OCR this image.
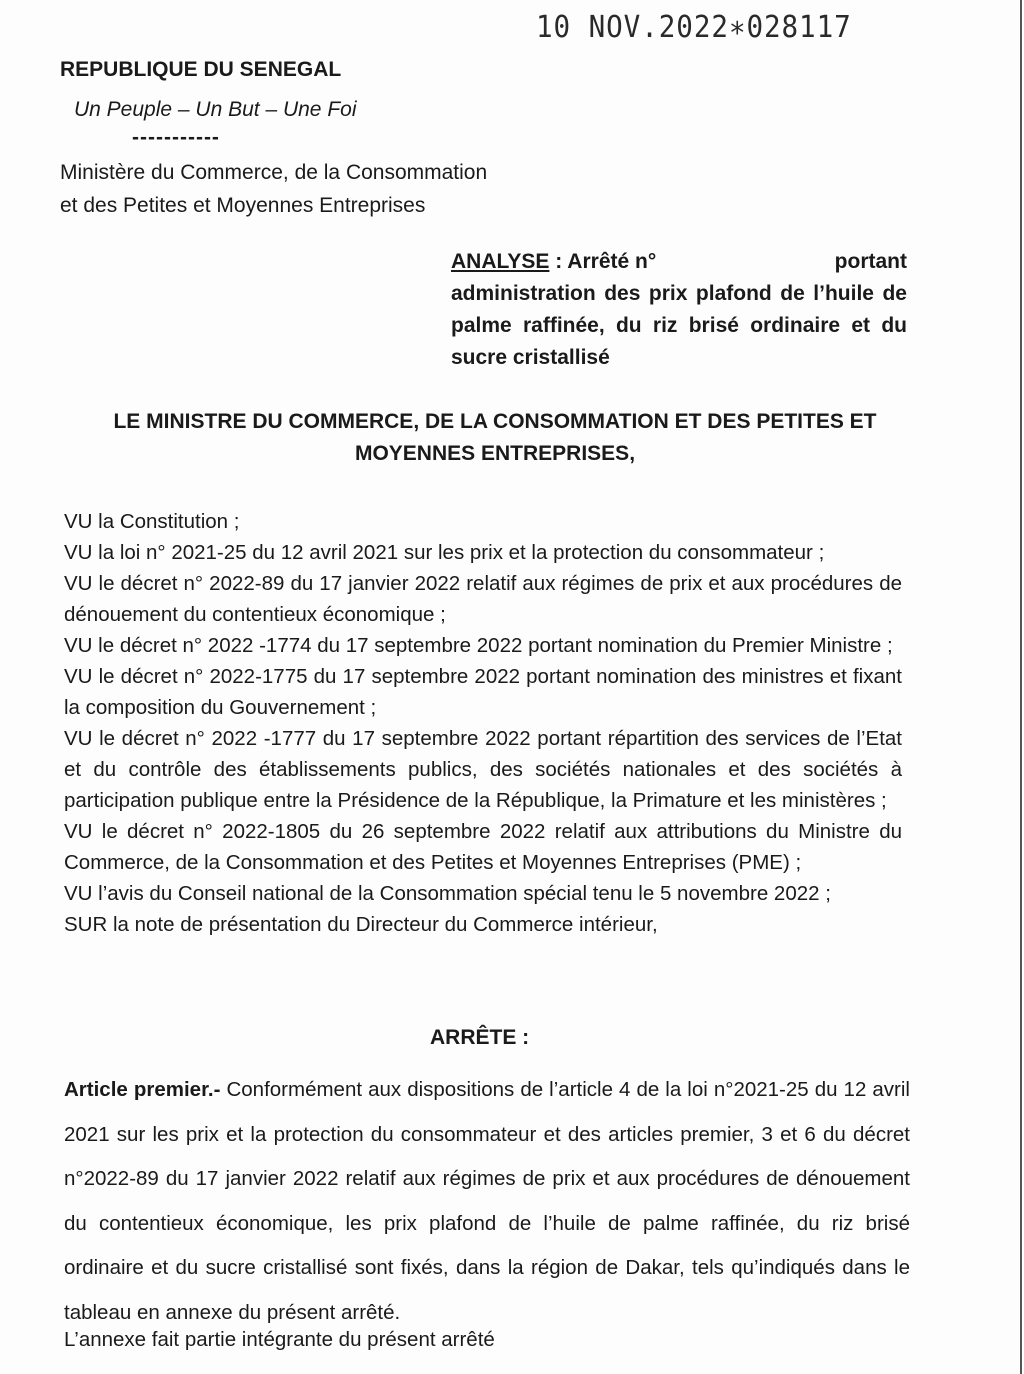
10 NOV.2022∗028117
REPUBLIQUE DU SENEGAL
Un Peuple – Un But – Une Foi
-----------
Ministère du Commerce, de la Consommation
et des Petites et Moyennes Entreprises
ANALYSE : Arrêté n°	portant
administration des prix plafond de l’huile de palme raffinée, du riz brisé ordinaire et du sucre cristallisé
LE MINISTRE DU COMMERCE, DE LA CONSOMMATION ET DES PETITES ET MOYENNES ENTREPRISES,

VU la Constitution ;

VU la loi n° 2021-25 du 12 avril 2021 sur les prix et la protection du consommateur ;

VU le décret n° 2022-89 du 17 janvier 2022 relatif aux régimes de prix et aux procédures de dénouement du contentieux économique ;

VU le décret n° 2022 -1774 du 17 septembre 2022 portant nomination du Premier Ministre ;

VU le décret n° 2022-1775 du 17 septembre 2022 portant nomination des ministres et fixant la composition du Gouvernement ;

VU le décret n° 2022 -1777 du 17 septembre 2022 portant répartition des services de l’Etat et du contrôle des établissements publics, des sociétés nationales et des sociétés à participation publique entre la Présidence de la République, la Primature et les ministères ;

VU le décret n° 2022-1805 du 26 septembre 2022 relatif aux attributions du Ministre du Commerce, de la Consommation et des Petites et Moyennes Entreprises (PME) ;

VU l’avis du Conseil national de la Consommation spécial tenu le 5 novembre 2022 ;

SUR la note de présentation du Directeur du Commerce intérieur,

ARRÊTE :
Article premier.- Conformément aux dispositions de l’article 4 de la loi n°2021-25 du 12 avril 2021 sur les prix et la protection du consommateur et des articles premier, 3 et 6 du décret n°2022-89 du 17 janvier 2022 relatif aux régimes de prix et aux procédures de dénouement du contentieux économique, les prix plafond de l’huile de palme raffinée, du riz brisé ordinaire et du sucre cristallisé sont fixés, dans la région de Dakar, tels qu’indiqués dans le tableau en annexe du présent arrêté.
L’annexe fait partie intégrante du présent arrêté
